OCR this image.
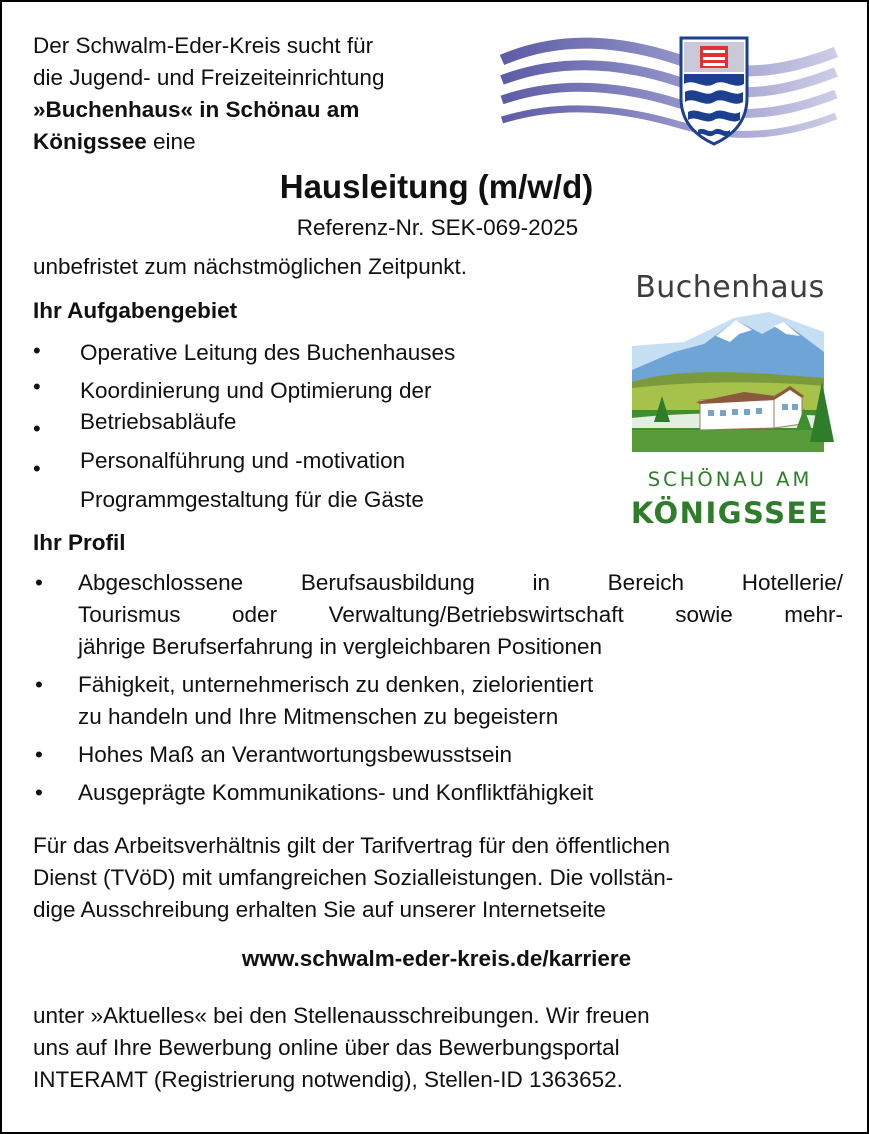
Der Schwalm-Eder-Kreis sucht für
die Jugend- und Freizeiteinrichtung
»Buchenhaus« in Schönau am
Königssee eine
Hausleitung (m/w/d)
Referenz-Nr. SEK-069-2025
unbefristet zum nächstmöglichen Zeitpunkt.
Ihr Aufgabengebiet
•
•
•
•
Operative Leitung des Buchenhauses
Koordinierung und Optimierung der
Betriebsabläufe
Personalführung und -motivation
Programmgestaltung für die Gäste
Buchenhaus
SCHÖNAU AM
KÖNIGSSEE
Ihr Profil
• Abgeschlossene Berufsausbildung in Bereich Hotellerie/
Tourismus oder Verwaltung/Betriebswirtschaft sowie mehr-
jährige Berufserfahrung in vergleichbaren Positionen
• Fähigkeit, unternehmerisch zu denken, zielorientiert
zu handeln und Ihre Mitmenschen zu begeistern
• Hohes Maß an Verantwortungsbewusstsein
• Ausgeprägte Kommunikations- und Konfliktfähigkeit
Für das Arbeitsverhältnis gilt der Tarifvertrag für den öffentlichen
Dienst (TVöD) mit umfangreichen Sozialleistungen. Die vollstän-
dige Ausschreibung erhalten Sie auf unserer Internetseite
www.schwalm-eder-kreis.de/karriere
unter »Aktuelles« bei den Stellenausschreibungen. Wir freuen
uns auf Ihre Bewerbung online über das Bewerbungsportal
INTERAMT (Registrierung notwendig), Stellen-ID 1363652.
